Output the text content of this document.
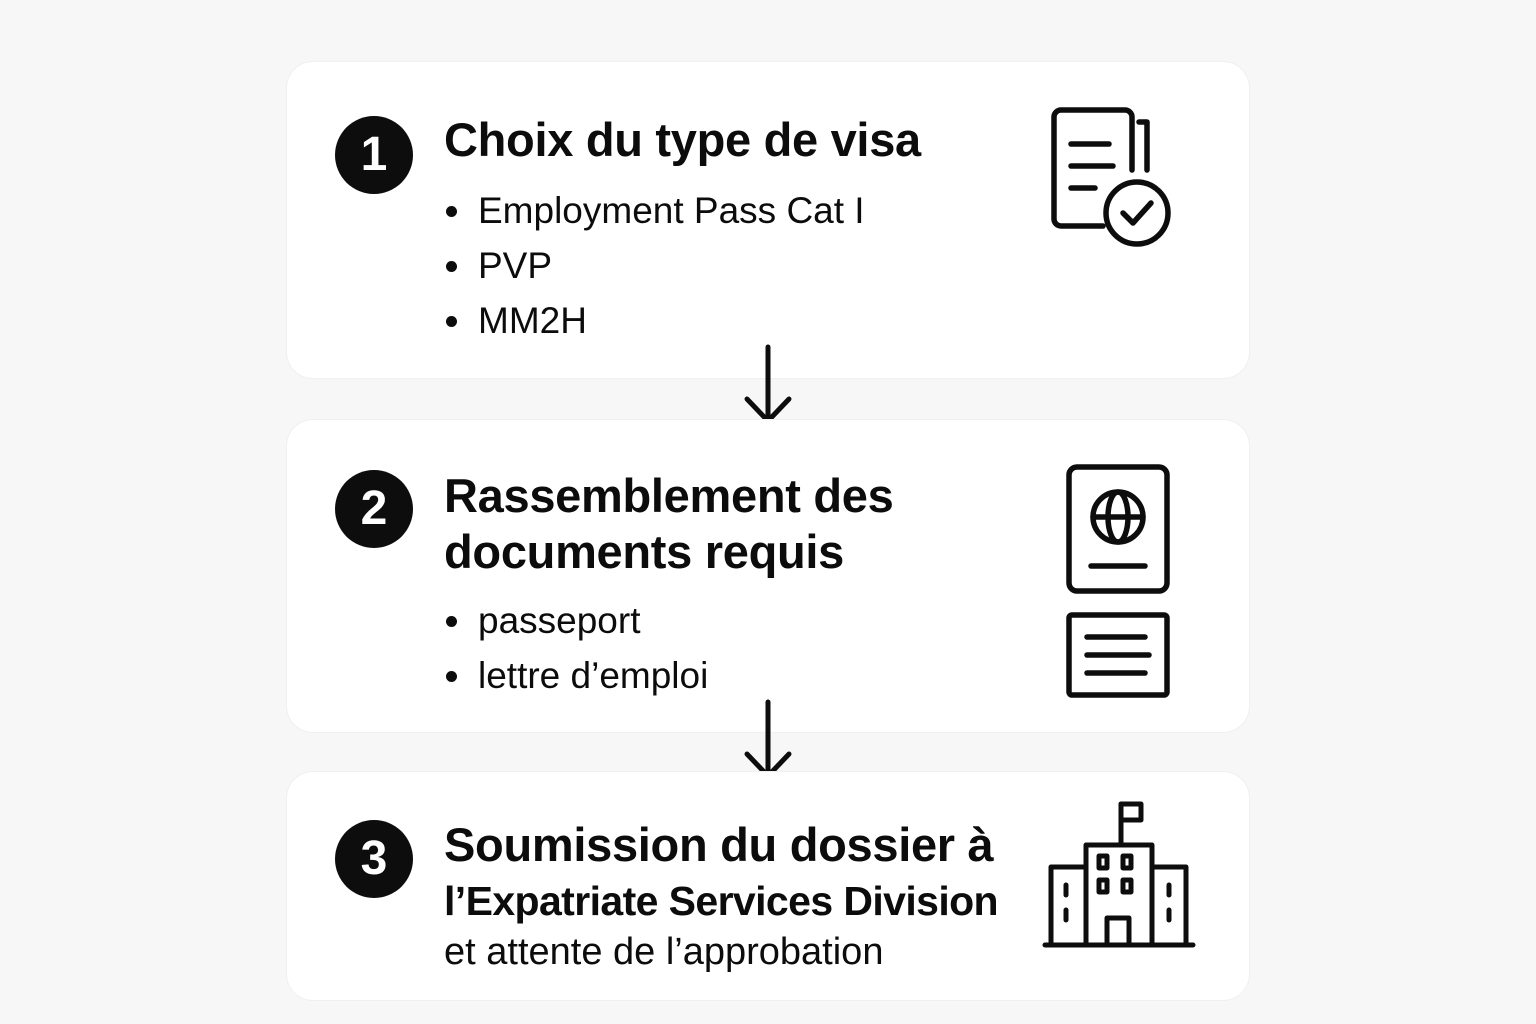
1	Choix du type de visa
Employment Pass Cat I
PVP
MM2H
2	Rassemblement des
documents requis
passeport
lettre d’emploi
3	Soumission du dossier à
l’Expatriate Services Division
et attente de l’approbation
